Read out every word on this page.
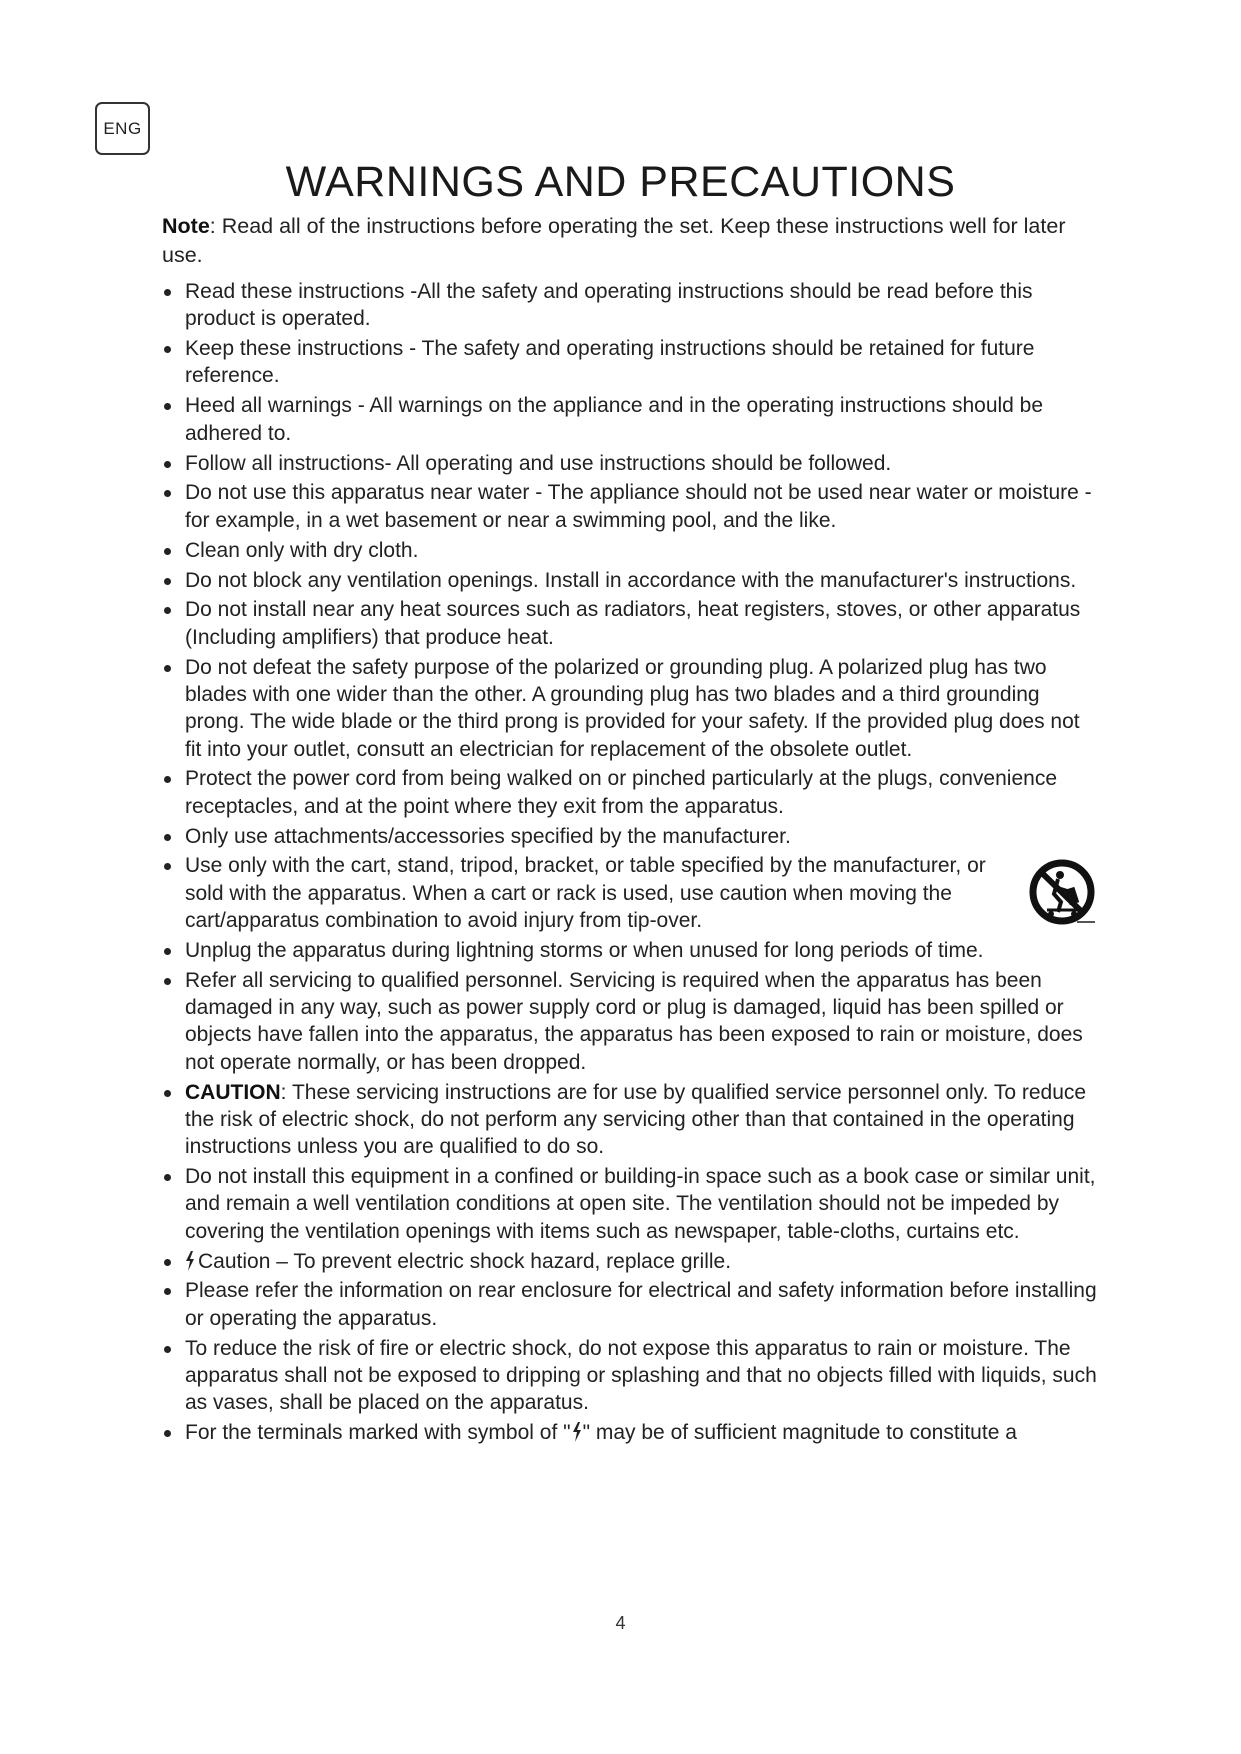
ENG
WARNINGS AND PRECAUTIONS

Note: Read all of the instructions before operating the set. Keep these instructions well for later use.

Read these instructions -All the safety and operating instructions should be read before this product is operated.
Keep these instructions - The safety and operating instructions should be retained for future reference.
Heed all warnings - All warnings on the appliance and in the operating instructions should be adhered to.
Follow all instructions- All operating and use instructions should be followed.
Do not use this apparatus near water - The appliance should not be used near water or moisture - for example, in a wet basement or near a swimming pool, and the like.
Clean only with dry cloth.
Do not block any ventilation openings. Install in accordance with the manufacturer's instructions.
Do not install near any heat sources such as radiators, heat registers, stoves, or other apparatus (Including amplifiers) that produce heat.
Do not defeat the safety purpose of the polarized or grounding plug. A polarized plug has two blades with one wider than the other. A grounding plug has two blades and a third grounding prong. The wide blade or the third prong is provided for your safety. If the provided plug does not fit into your outlet, consutt an electrician for replacement of the obsolete outlet.
Protect the power cord from being walked on or pinched particularly at the plugs, convenience receptacles, and at the point where they exit from the apparatus.
Only use attachments/accessories specified by the manufacturer.
Use only with the cart, stand, tripod, bracket, or table specified by the manufacturer, or sold with the apparatus. When a cart or rack is used, use caution when moving the cart/apparatus combination to avoid injury from tip-over.
Unplug the apparatus during lightning storms or when unused for long periods of time.
Refer all servicing to qualified personnel. Servicing is required when the apparatus has been damaged in any way, such as power supply cord or plug is damaged, liquid has been spilled or objects have fallen into the apparatus, the apparatus has been exposed to rain or moisture, does not operate normally, or has been dropped.
CAUTION: These servicing instructions are for use by qualified service personnel only. To reduce the risk of electric shock, do not perform any servicing other than that contained in the operating instructions unless you are qualified to do so.
Do not install this equipment in a confined or building-in space such as a book case or similar unit, and remain a well ventilation conditions at open site. The ventilation should not be impeded by covering the ventilation openings with items such as newspaper, table-cloths, curtains etc.
Caution – To prevent electric shock hazard, replace grille.
Please refer the information on rear enclosure for electrical and safety information before installing or operating the apparatus.
To reduce the risk of fire or electric shock, do not expose this apparatus to rain or moisture. The apparatus shall not be exposed to dripping or splashing and that no objects filled with liquids, such as vases, shall be placed on the apparatus.
For the terminals marked with symbol of " " may be of sufficient magnitude to constitute a
4
